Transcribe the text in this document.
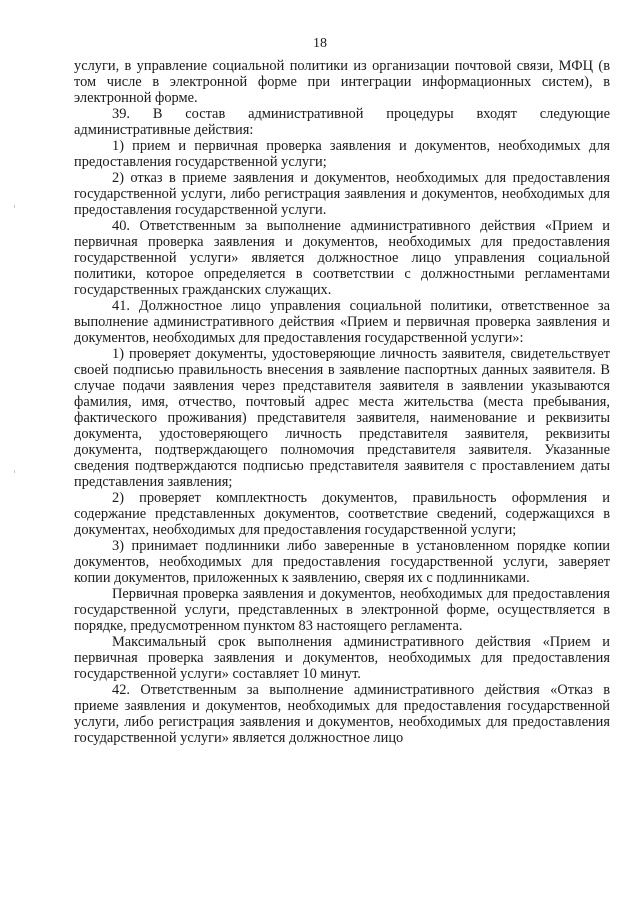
18

услуги, в управление социальной политики из организации почтовой связи, МФЦ (в том числе в электронной форме при интеграции информационных систем), в электронной форме.

39. В состав административной процедуры входят следующие административные действия:

1) прием и первичная проверка заявления и документов, необходимых для предоставления государственной услуги;

2) отказ в приеме заявления и документов, необходимых для предоставления государственной услуги, либо регистрация заявления и документов, необходимых для предоставления государственной услуги.

40. Ответственным за выполнение административного действия «Прием и первичная проверка заявления и документов, необходимых для предоставления государственной услуги» является должностное лицо управления социальной политики, которое определяется в соответствии с должностными регламентами государственных гражданских служащих.

41. Должностное лицо управления социальной политики, ответственное за выполнение административного действия «Прием и первичная проверка заявления и документов, необходимых для предоставления государственной услуги»:

1) проверяет документы, удостоверяющие личность заявителя, свидетельствует своей подписью правильность внесения в заявление паспортных данных заявителя. В случае подачи заявления через представителя заявителя в заявлении указываются фамилия, имя, отчество, почтовый адрес места жительства (места пребывания, фактического проживания) представителя заявителя, наименование и реквизиты документа, удостоверяющего личность представителя заявителя, реквизиты документа, подтверждающего полномочия представителя заявителя. Указанные сведения подтверждаются подписью представителя заявителя с проставлением даты представления заявления;

2) проверяет комплектность документов, правильность оформления и содержание представленных документов, соответствие сведений, содержащихся в документах, необходимых для предоставления государственной услуги;

3) принимает подлинники либо заверенные в установленном порядке копии документов, необходимых для предоставления государственной услуги, заверяет копии документов, приложенных к заявлению, сверяя их с подлинниками.

Первичная проверка заявления и документов, необходимых для предоставления государственной услуги, представленных в электронной форме, осуществляется в порядке, предусмотренном пунктом 83 настоящего регламента.

Максимальный срок выполнения административного действия «Прием и первичная проверка заявления и документов, необходимых для предоставления государственной услуги» составляет 10 минут.

42. Ответственным за выполнение административного действия «Отказ в приеме заявления и документов, необходимых для предоставления государственной услуги, либо регистрация заявления и документов, необходимых для предоставления государственной услуги» является должностное лицо
